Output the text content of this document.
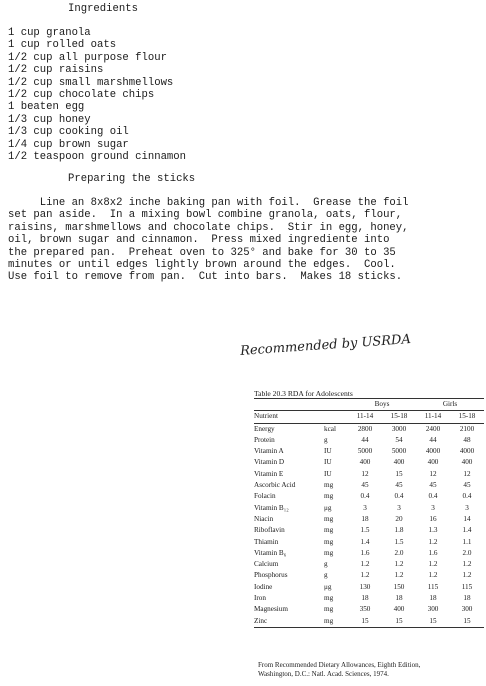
Ingredients
1 cup granola
1 cup rolled oats
1/2 cup all purpose flour
1/2 cup raisins
1/2 cup small marshmellows
1/2 cup chocolate chips
1 beaten egg
1/3 cup honey
1/3 cup cooking oil
1/4 cup brown sugar
1/2 teaspoon ground cinnamon
Preparing the sticks
Line an 8x8x2 inche baking pan with foil.  Grease the foil
set pan aside.  In a mixing bowl combine granola, oats, flour,
raisins, marshmellows and chocolate chips.  Stir in egg, honey,
oil, brown sugar and cinnamon.  Press mixed ingrediente into
the prepared pan.  Preheat oven to 325° and bake for 30 to 35
minutes or until edges lightly brown around the edges.  Cool.
Use foil to remove from pan.  Cut into bars.  Makes 18 sticks.
Recommended by USRDA
Table 20.3 RDA for Adolescents
		Boys		Girls	
Nutrient		11-14	15-18	11-14	15-18
Energy	kcal	2800	3000	2400	2100
Protein	g	44	54	44	48
Vitamin A	IU	5000	5000	4000	4000
Vitamin D	IU	400	400	400	400
Vitamin E	IU	12	15	12	12
Ascorbic Acid	mg	45	45	45	45
Folacin	mg	0.4	0.4	0.4	0.4
Vitamin B₁₂	μg	3	3	3	3
Niacin	mg	18	20	16	14
Riboflavin	mg	1.5	1.8	1.3	1.4
Thiamin	mg	1.4	1.5	1.2	1.1
Vitamin B₆	mg	1.6	2.0	1.6	2.0
Calcium	g	1.2	1.2	1.2	1.2
Phosphorus	g	1.2	1.2	1.2	1.2
Iodine	μg	130	150	115	115
Iron	mg	18	18	18	18
Magnesium	mg	350	400	300	300
Zinc	mg	15	15	15	15
From Recommended Dietary Allowances, Eighth Edition,
Washington, D.C.: Natl. Acad. Sciences, 1974.
